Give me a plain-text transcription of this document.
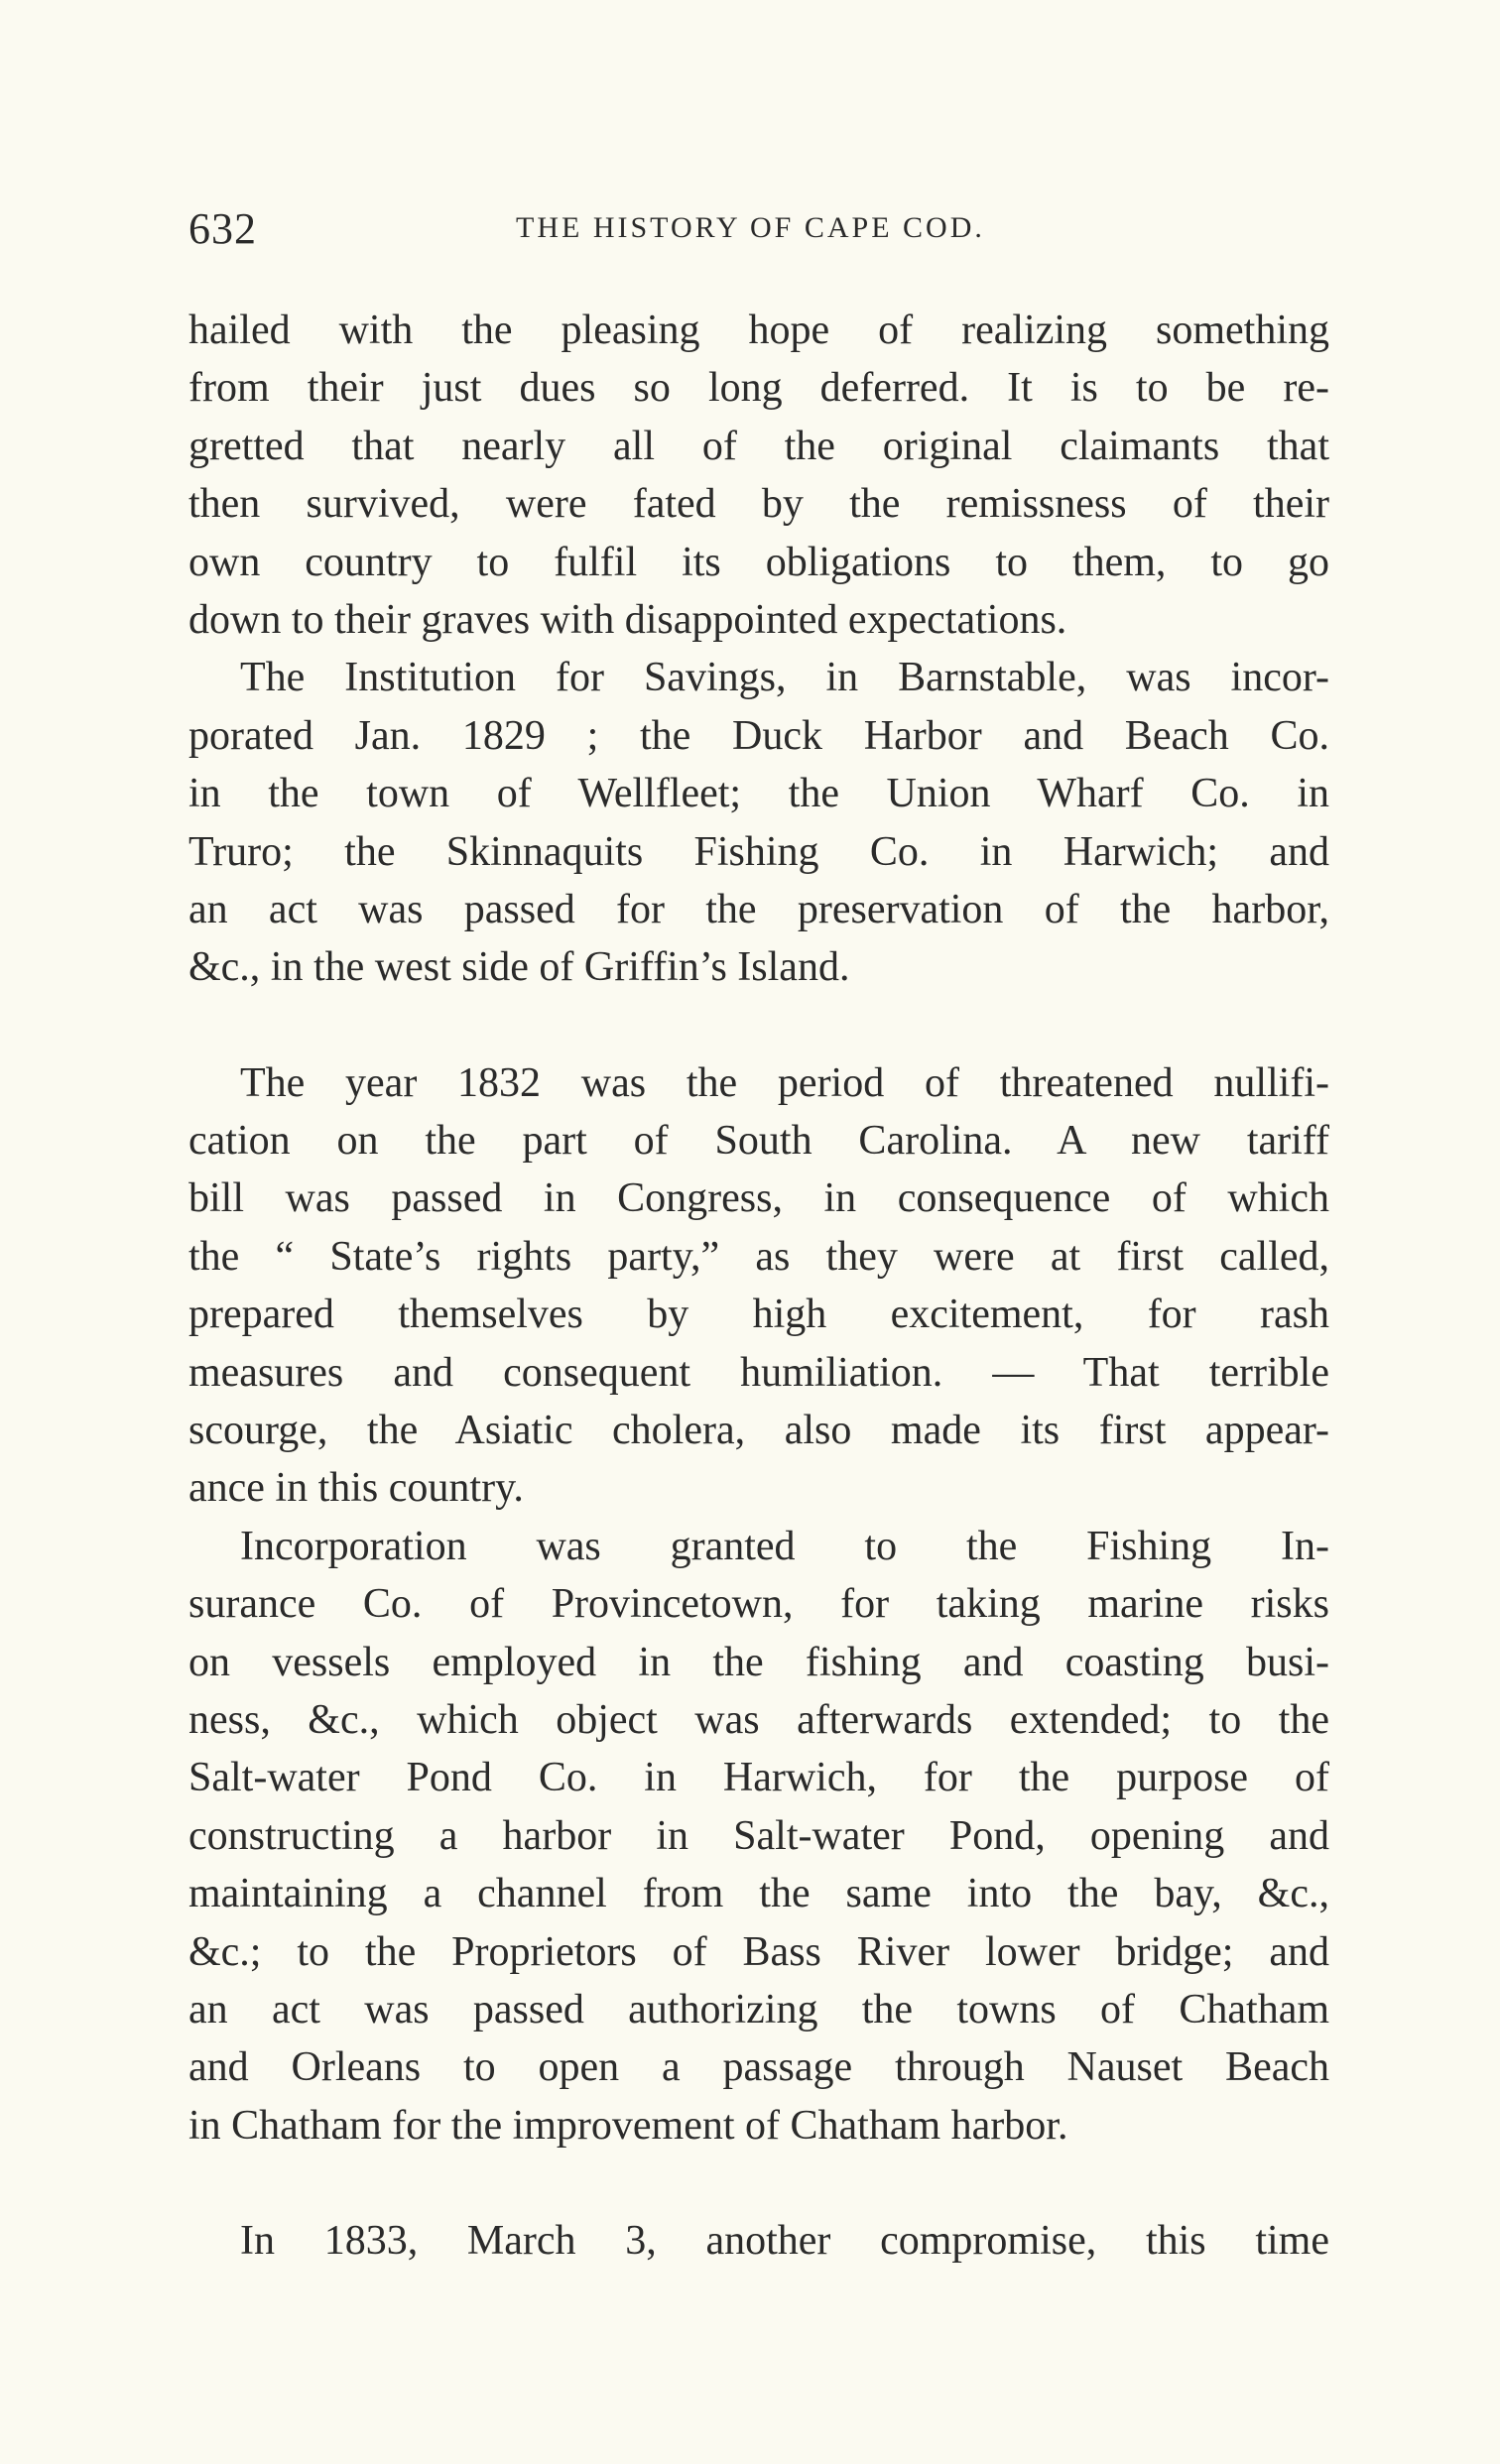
632	THE HISTORY OF CAPE COD.
hailed with the pleasing hope of realizing something
from their just dues so long deferred. It is to be re-
gretted that nearly all of the original claimants that
then survived, were fated by the remissness of their
own country to fulfil its obligations to them, to go
down to their graves with disappointed expectations.
The Institution for Savings, in Barnstable, was incor-
porated Jan. 1829 ; the Duck Harbor and Beach Co.
in the town of Wellfleet; the Union Wharf Co. in
Truro; the Skinnaquits Fishing Co. in Harwich; and
an act was passed for the preservation of the harbor,
&c., in the west side of Griffin’s Island.
The year 1832 was the period of threatened nullifi-
cation on the part of South Carolina. A new tariff
bill was passed in Congress, in consequence of which
the “ State’s rights party,” as they were at first called,
prepared themselves by high excitement, for rash
measures and consequent humiliation. — That terrible
scourge, the Asiatic cholera, also made its first appear-
ance in this country.
Incorporation was granted to the Fishing In-
surance Co. of Provincetown, for taking marine risks
on vessels employed in the fishing and coasting busi-
ness, &c., which object was afterwards extended; to the
Salt-water Pond Co. in Harwich, for the purpose of
constructing a harbor in Salt-water Pond, opening and
maintaining a channel from the same into the bay, &c.,
&c.; to the Proprietors of Bass River lower bridge; and
an act was passed authorizing the towns of Chatham
and Orleans to open a passage through Nauset Beach
in Chatham for the improvement of Chatham harbor.
In 1833, March 3, another compromise, this time
